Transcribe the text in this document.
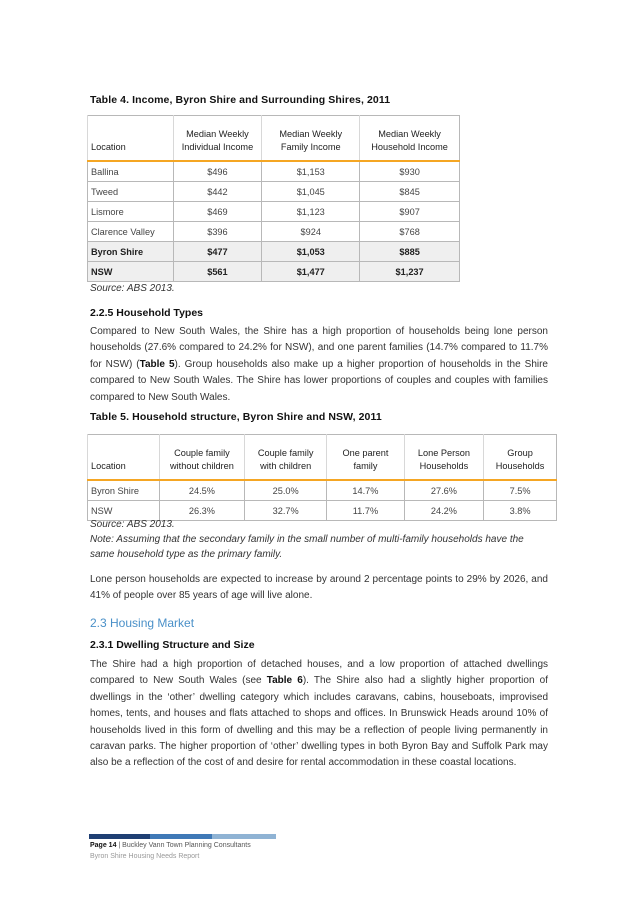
Table 4. Income, Byron Shire and Surrounding Shires, 2011
Location	Median Weekly Individual Income	Median Weekly Family Income	Median Weekly Household Income
Ballina	$496	$1,153	$930
Tweed	$442	$1,045	$845
Lismore	$469	$1,123	$907
Clarence Valley	$396	$924	$768
Byron Shire	$477	$1,053	$885
NSW	$561	$1,477	$1,237
Source: ABS 2013.
2.2.5 Household Types

Compared to New South Wales, the Shire has a high proportion of households being lone person households (27.6% compared to 24.2% for NSW), and one parent families (14.7% compared to 11.7% for NSW) (Table 5). Group households also make up a higher proportion of households in the Shire compared to New South Wales. The Shire has lower proportions of couples and couples with families compared to New South Wales.

Table 5. Household structure, Byron Shire and NSW, 2011
Location	Couple family without children	Couple family with children	One parent family	Lone Person Households	Group Households
Byron Shire	24.5%	25.0%	14.7%	27.6%	7.5%
NSW	26.3%	32.7%	11.7%	24.2%	3.8%
Source: ABS 2013.
Note: Assuming that the secondary family in the small number of multi-family households have the same household type as the primary family.

Lone person households are expected to increase by around 2 percentage points to 29% by 2026, and 41% of people over 85 years of age will live alone.

2.3 Housing Market
2.3.1 Dwelling Structure and Size

The Shire had a high proportion of detached houses, and a low proportion of attached dwellings compared to New South Wales (see Table 6). The Shire also had a slightly higher proportion of dwellings in the ‘other’ dwelling category which includes caravans, cabins, houseboats, improvised homes, tents, and houses and flats attached to shops and offices. In Brunswick Heads around 10% of households lived in this form of dwelling and this may be a reflection of people living permanently in caravan parks. The higher proportion of ‘other’ dwelling types in both Byron Bay and Suffolk Park may also be a reflection of the cost of and desire for rental accommodation in these coastal locations.

Page 14 | Buckley Vann Town Planning Consultants
Byron Shire Housing Needs Report
